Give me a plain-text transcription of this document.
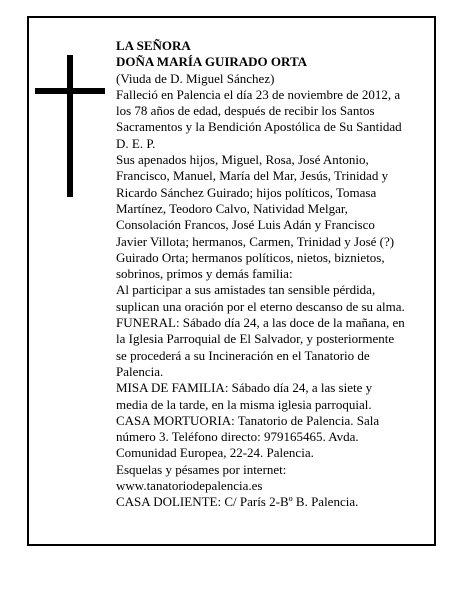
LA SEÑORA

DOÑA MARÍA GUIRADO ORTA

(Viuda de D. Miguel Sánchez)

Falleció en Palencia el día 23 de noviembre de 2012, a

los 78 años de edad, después de recibir los Santos

Sacramentos y la Bendición Apostólica de Su Santidad

D. E. P.

Sus apenados hijos, Miguel, Rosa, José Antonio,

Francisco, Manuel, María del Mar, Jesús, Trinidad y

Ricardo Sánchez Guirado; hijos políticos, Tomasa

Martínez, Teodoro Calvo, Natividad Melgar,

Consolación Francos, José Luis Adán y Francisco

Javier Villota; hermanos, Carmen, Trinidad y José (?)

Guirado Orta; hermanos políticos, nietos, biznietos,

sobrinos, primos y demás familia:

Al participar a sus amistades tan sensible pérdida,

suplican una oración por el eterno descanso de su alma.

FUNERAL: Sábado día 24, a las doce de la mañana, en

la Iglesia Parroquial de El Salvador, y posteriormente

se procederá a su Incineración en el Tanatorio de

Palencia.

MISA DE FAMILIA: Sábado día 24, a las siete y

media de la tarde, en la misma iglesia parroquial.

CASA MORTUORIA: Tanatorio de Palencia. Sala

número 3. Teléfono directo: 979165465. Avda.

Comunidad Europea, 22-24. Palencia.

Esquelas y pésames por internet:

www.tanatoriodepalencia.es

CASA DOLIENTE: C/ París 2-Bº B. Palencia.
